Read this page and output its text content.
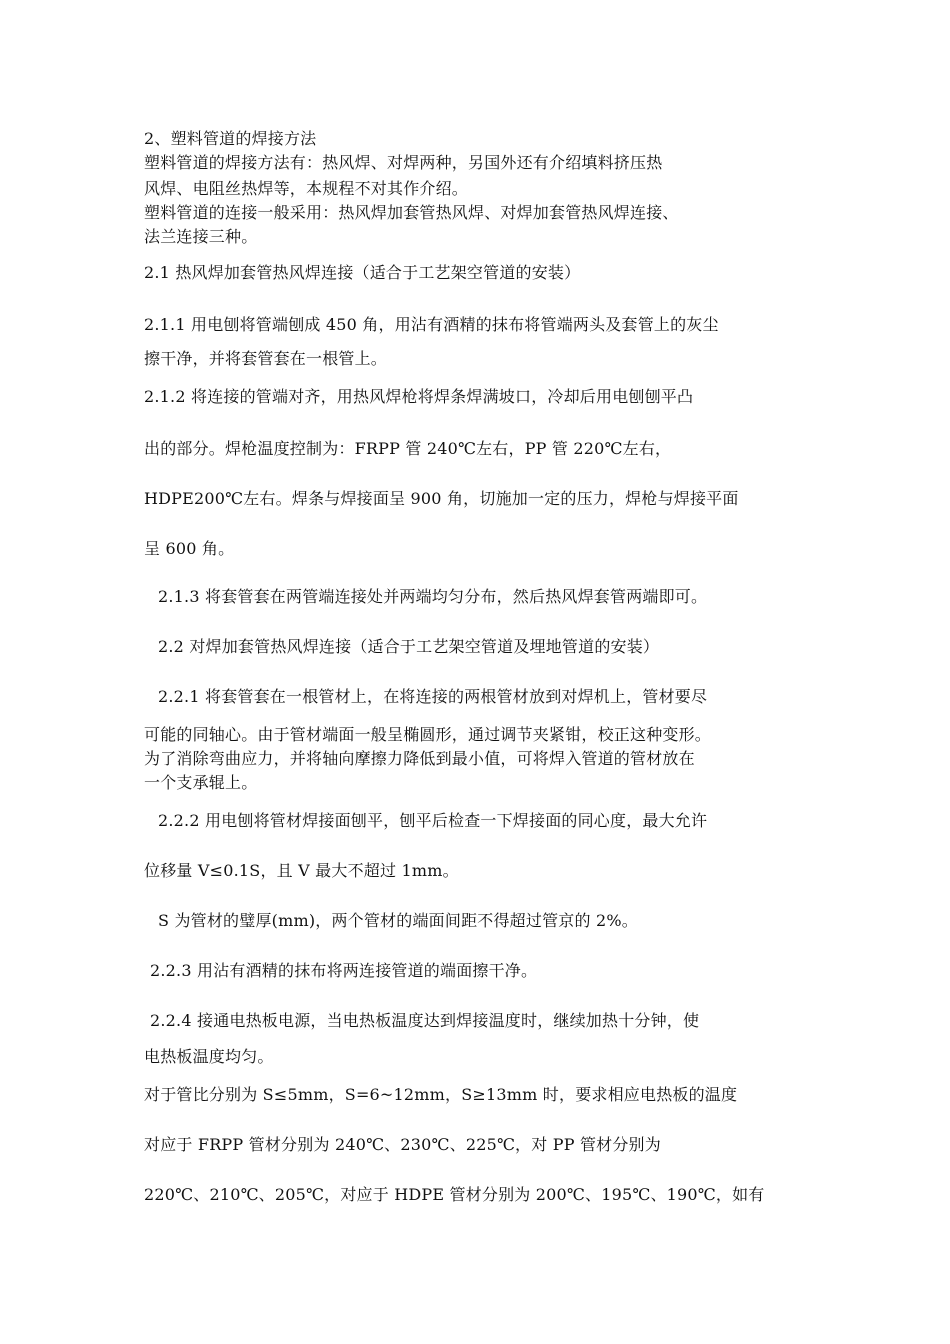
2、塑料管道的焊接方法

塑料管道的焊接方法有：热风焊、对焊两种，另国外还有介绍填料挤压热

风焊、电阻丝热焊等，本规程不对其作介绍。

塑料管道的连接一般采用：热风焊加套管热风焊、对焊加套管热风焊连接、

法兰连接三种。

2.1 热风焊加套管热风焊连接（适合于工艺架空管道的安装）

2.1.1 用电刨将管端刨成 450 角，用沾有酒精的抹布将管端两头及套管上的灰尘

擦干净，并将套管套在一根管上。

2.1.2 将连接的管端对齐，用热风焊枪将焊条焊满坡口，冷却后用电刨刨平凸

出的部分。焊枪温度控制为：FRPP 管 240℃左右，PP 管 220℃左右，

HDPE200℃左右。焊条与焊接面呈 900 角，切施加一定的压力，焊枪与焊接平面

呈 600 角。

2.1.3 将套管套在两管端连接处并两端均匀分布，然后热风焊套管两端即可。

2.2 对焊加套管热风焊连接（适合于工艺架空管道及埋地管道的安装）

2.2.1 将套管套在一根管材上，在将连接的两根管材放到对焊机上，管材要尽

可能的同轴心。由于管材端面一般呈椭圆形，通过调节夹紧钳，校正这种变形。

为了消除弯曲应力，并将轴向摩擦力降低到最小值，可将焊入管道的管材放在

一个支承辊上。

2.2.2 用电刨将管材焊接面刨平，刨平后检查一下焊接面的同心度，最大允许

位移量 V≤0.1S，且 V 最大不超过 1mm。

S 为管材的璧厚(mm)，两个管材的端面间距不得超过管京的 2%。

2.2.3 用沾有酒精的抹布将两连接管道的端面擦干净。

2.2.4 接通电热板电源，当电热板温度达到焊接温度时，继续加热十分钟，使

电热板温度均匀。

对于管比分别为 S≤5mm，S=6~12mm，S≥13mm 时，要求相应电热板的温度

对应于 FRPP 管材分别为 240℃、230℃、225℃，对 PP 管材分别为

220℃、210℃、205℃，对应于 HDPE 管材分别为 200℃、195℃、190℃，如有
